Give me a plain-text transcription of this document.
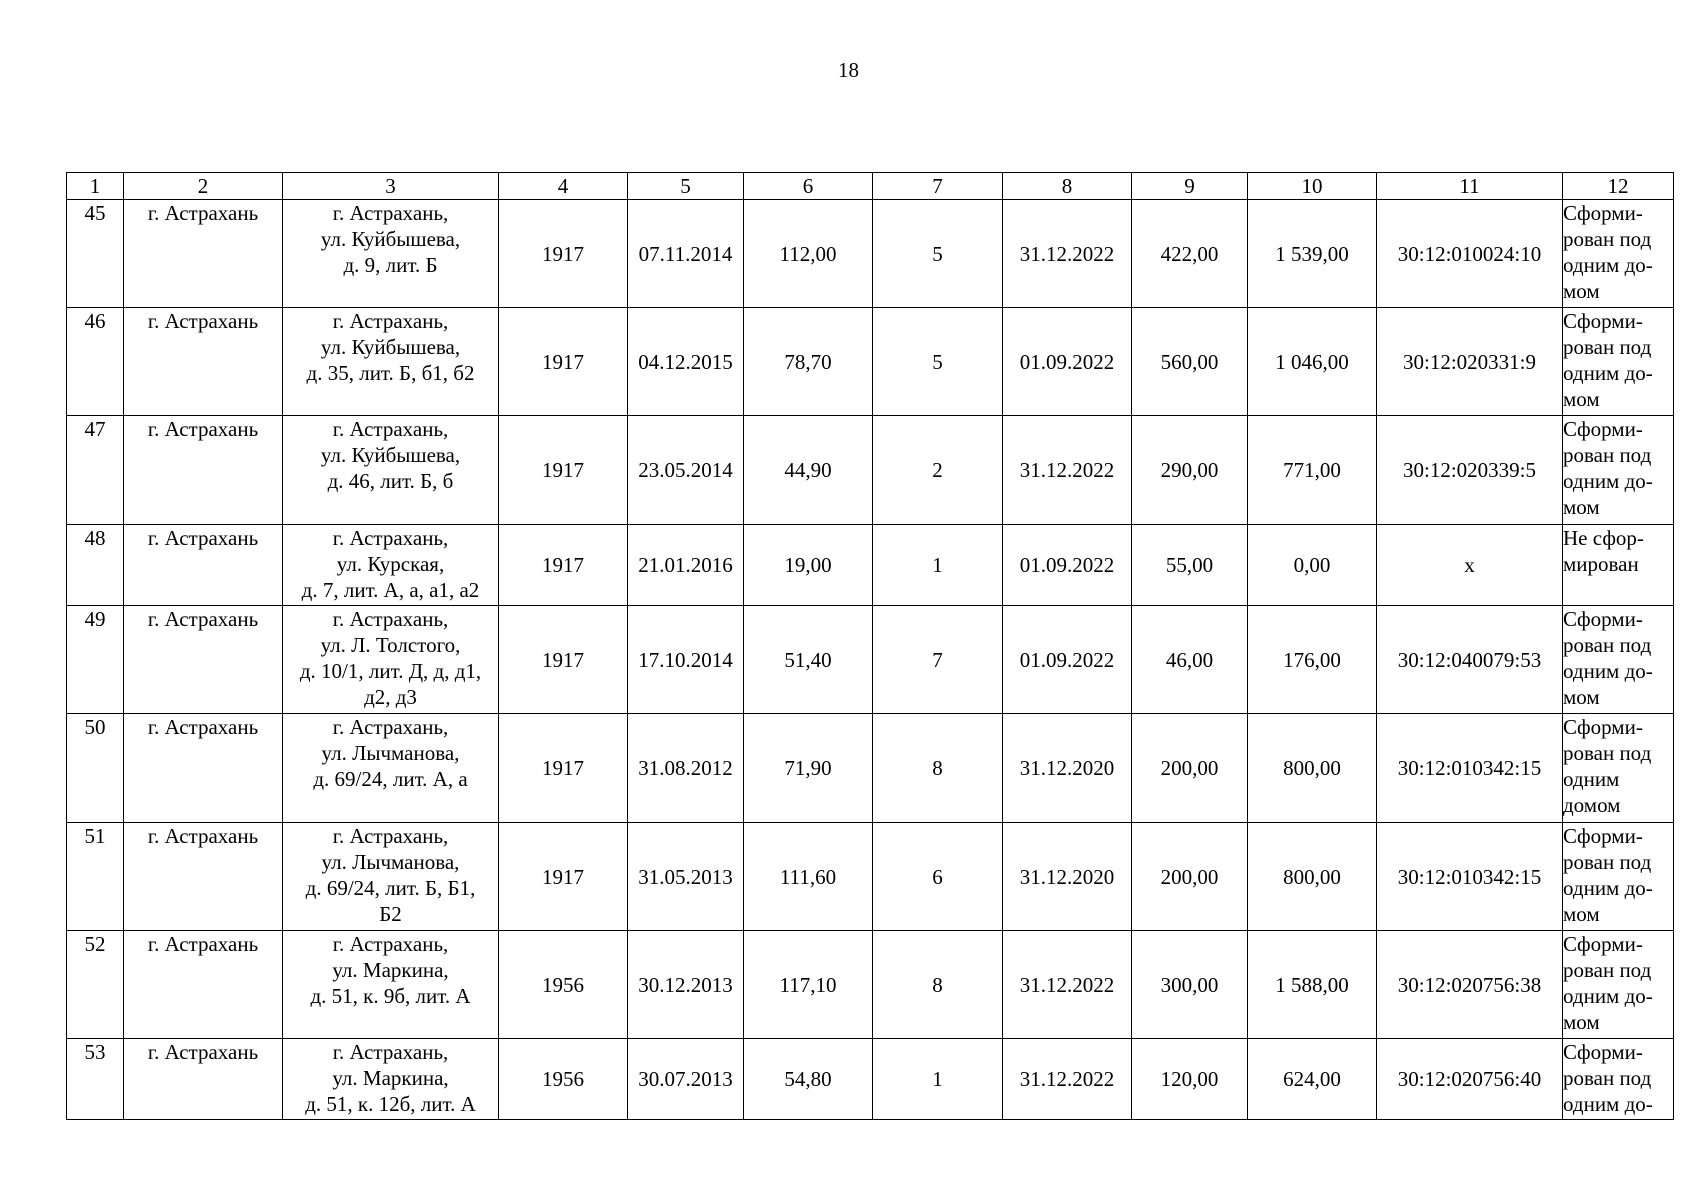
18
1	2	3	4	5	6	7	8	9	10	11	12
45	г. Астрахань	г. Астрахань,
ул. Куйбышева,
д. 9, лит. Б	1917	07.11.2014	112,00	5	31.12.2022	422,00	1 539,00	30:12:010024:10	Сформи-
рован под
одним до-
мом
46	г. Астрахань	г. Астрахань,
ул. Куйбышева,
д. 35, лит. Б, б1, б2	1917	04.12.2015	78,70	5	01.09.2022	560,00	1 046,00	30:12:020331:9	Сформи-
рован под
одним до-
мом
47	г. Астрахань	г. Астрахань,
ул. Куйбышева,
д. 46, лит. Б, б	1917	23.05.2014	44,90	2	31.12.2022	290,00	771,00	30:12:020339:5	Сформи-
рован под
одним до-
мом
48	г. Астрахань	г. Астрахань,
ул. Курская,
д. 7, лит. А, а, а1, а2	1917	21.01.2016	19,00	1	01.09.2022	55,00	0,00	х	Не сфор-
мирован
49	г. Астрахань	г. Астрахань,
ул. Л. Толстого,
д. 10/1, лит. Д, д, д1,
д2, д3	1917	17.10.2014	51,40	7	01.09.2022	46,00	176,00	30:12:040079:53	Сформи-
рован под
одним до-
мом
50	г. Астрахань	г. Астрахань,
ул. Лычманова,
д. 69/24, лит. А, а	1917	31.08.2012	71,90	8	31.12.2020	200,00	800,00	30:12:010342:15	Сформи-
рован под
одним
домом
51	г. Астрахань	г. Астрахань,
ул. Лычманова,
д. 69/24, лит. Б, Б1,
Б2	1917	31.05.2013	111,60	6	31.12.2020	200,00	800,00	30:12:010342:15	Сформи-
рован под
одним до-
мом
52	г. Астрахань	г. Астрахань,
ул. Маркина,
д. 51, к. 9б, лит. А	1956	30.12.2013	117,10	8	31.12.2022	300,00	1 588,00	30:12:020756:38	Сформи-
рован под
одним до-
мом
53	г. Астрахань	г. Астрахань,
ул. Маркина,
д. 51, к. 12б, лит. А	1956	30.07.2013	54,80	1	31.12.2022	120,00	624,00	30:12:020756:40	Сформи-
рован под
одним до-
